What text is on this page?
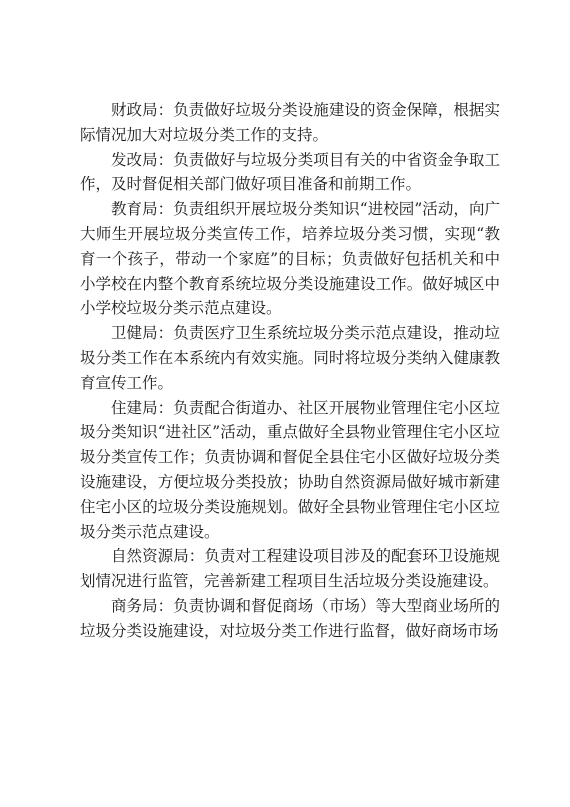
财政局：负责做好垃圾分类设施建设的资金保障，根据实际情况加大对垃圾分类工作的支持。

发改局：负责做好与垃圾分类项目有关的中省资金争取工作，及时督促相关部门做好项目准备和前期工作。

教育局：负责组织开展垃圾分类知识“进校园”活动，向广大师生开展垃圾分类宣传工作，培养垃圾分类习惯，实现“教育一个孩子，带动一个家庭”的目标；负责做好包括机关和中小学校在内整个教育系统垃圾分类设施建设工作。做好城区中小学校垃圾分类示范点建设。

卫健局：负责医疗卫生系统垃圾分类示范点建设，推动垃圾分类工作在本系统内有效实施。同时将垃圾分类纳入健康教育宣传工作。

住建局：负责配合街道办、社区开展物业管理住宅小区垃圾分类知识“进社区”活动，重点做好全县物业管理住宅小区垃圾分类宣传工作；负责协调和督促全县住宅小区做好垃圾分类设施建设，方便垃圾分类投放；协助自然资源局做好城市新建住宅小区的垃圾分类设施规划。做好全县物业管理住宅小区垃圾分类示范点建设。

自然资源局：负责对工程建设项目涉及的配套环卫设施规划情况进行监管，完善新建工程项目生活垃圾分类设施建设。

商务局：负责协调和督促商场（市场）等大型商业场所的垃圾分类设施建设，对垃圾分类工作进行监督，做好商场市场
